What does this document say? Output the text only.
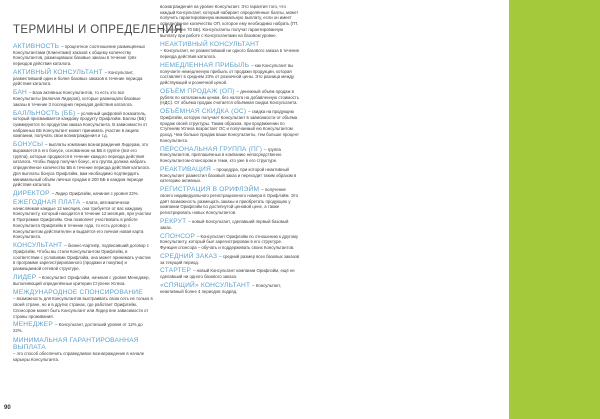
ТЕРМИНЫ И ОПРЕДЕЛЕНИЯ

АКТИВНОСТЬ – процентное соотношение размещённых Консультантами (Клиентами) заказов к общему количеству Консультантов, размещавших базовые заказы в течение трёх периодов действия каталога.

АКТИВНЫЙ КОНСУЛЬТАНТ – Консультант, разместивший один и более базовых заказов в течение периода действия каталога.

БАН – База активных Консультантов, то есть это все Консультанты (включая Лидеров), которые размещали базовые заказы в течение 3 последних периодов действия каталога.

БАЛЛЬНОСТЬ (ББ) – условный цифровой показатель, который присваивается каждому продукту Орифлэйм. Баллы (ББ) суммируются по продуктам заказа Консультанта. В зависимости от набранных ББ Консультант может принимать участие в акциях компании, получать свои вознаграждения и т.д.

БОНУСЫ – выплаты компании вознаграждения Лидерам, это выражается в его бонусе, основанном на ББ в группе (вся его группа), которые продаются в течение каждого периода действия каталога. Чтобы Лидер получил бонус, его группа должна набрать определённое количество ББ в течение периода действия каталога. Для выплаты бонуса Орифлэйм, вам необходимо подтвердить минимальный объём личных продаж в 200 ББ в каждом периоде действия каталога.

ДИРЕКТОР – Лидер Орифлэйм, начиная с уровня 22%.

ЕЖЕГОДНАЯ ПЛАТА – плата, автоматически начисляемая каждые 12 месяцев, она требуется от вас каждому Консультанту, который находится в течение 12 месяцев, при участии в Программе Орифлэйм. Она позволяет участвовать в работе Консультанта Орифлэйм в течение года, то есть договор с Консультантом действителен и выдаётся его личная новая карта Консультанта.

КОНСУЛЬТАНТ – бизнес-партнёр, подписавший договор с Орифлэйм. Чтобы вы стали Консультантом Орифлэйм, в соответствии с условиями Орифлэйм, она может принимать участие в программе зарегистрированного (продажи и покупки) и размещаемой сетевой структуре.

ЛИДЕР – Консультант Орифлэйм, начиная с уровня Менеджер, выполняющий определённые критерии Ступени Успеха.

МЕЖДУНАРОДНОЕ СПОНСИРОВАНИЕ
– возможность для Консультантов выстраивать свою сеть не только в своей стране, но и в других странах, где работает Орифлэйм. Спонсором может быть Консультант или Лидер вне зависимости от страны проживания.

МЕНЕДЖЕР – Консультант, достигший уровня от 12% до 22%.

МИНИМАЛЬНАЯ ГАРАНТИРОВАННАЯ ВЫПЛАТА
– это способ обеспечить справедливое вознаграждение в начале карьеры Консультанта.

вознаграждения на уровне Консультант. Это гарантия того, что каждый Консультант, который набирает определённые баллы, может получить гарантированную минимальную выплату, если он имеет определённое количество ОП, которое ему необходимо набрать (ГП, т.е. не менее 70 ББ). Консультанты получат гарантированную выплату при работе с Консультантами на базовом уровне.

НЕАКТИВНЫЙ КОНСУЛЬТАНТ
– Консультант, не разместивший ни одного базового заказа в течение периода действия каталога.

НЕМЕДЛЕННАЯ ПРИБЫЛЬ – как Консультант вы получаете немедленную прибыль от продажи продукции, которая составляет в среднем 23% от розничной цены. Это разница между действующей и розничной ценой.

ОБЪЁМ ПРОДАЖ (ОП) – денежный объём продаж в рублях по каталожным ценам, без налога на добавленную стоимость (НДС). От объёма продаж считается объёмная скидка Консультанта.

ОБЪЁМНАЯ СКИДКА (ОС) – скидка на продукцию Орифлэйм, которую получает Консультант в зависимости от объёма продаж своей структуры. Таким образом, при продвижении по Ступеням Успеха возрастает ОС и получаемый ею Консультантом доход. Чем больше продаж ваши Консультанты, тем больше процент Консультанта.

ПЕРСОНАЛЬНАЯ ГРУППА (ПГ) – группа Консультантов, приглашённых в компанию непосредственно Консультантом-спонсором и теми, кто уже в его структуре.

РЕАКТИВАЦИЯ – процедура, при которой неактивный Консультант разместил базовый заказ и переходит таким образом в категорию активных.

РЕГИСТРАЦИЯ В ОРИФЛЭЙМ – получение своего индивидуального регистрационного номера в Орифлэйм. Это даёт возможность размещать заказы и приобретать продукцию у компании Орифлэйм по достигнутой ценовой цене, а также регистрировать новых Консультантов.

РЕКРУТ – новый Консультант, сделавший первый базовый заказ.

СПОНСОР – Консультант Орифлэйм по отношению к другому Консультанту, который был зарегистрирован в его структуре. Функция спонсора – обучать и поддерживать своих Консультантов.

СРЕДНИЙ ЗАКАЗ – средний размер всех базовых заказов за текущий период.

СТАРТЕР – новый Консультант компании Орифлэйм, ещё не сделавший ни одного базового заказа.

«СПЯЩИЙ» КОНСУЛЬТАНТ – Консультант, неактивный более 4 периодов подряд.

90
